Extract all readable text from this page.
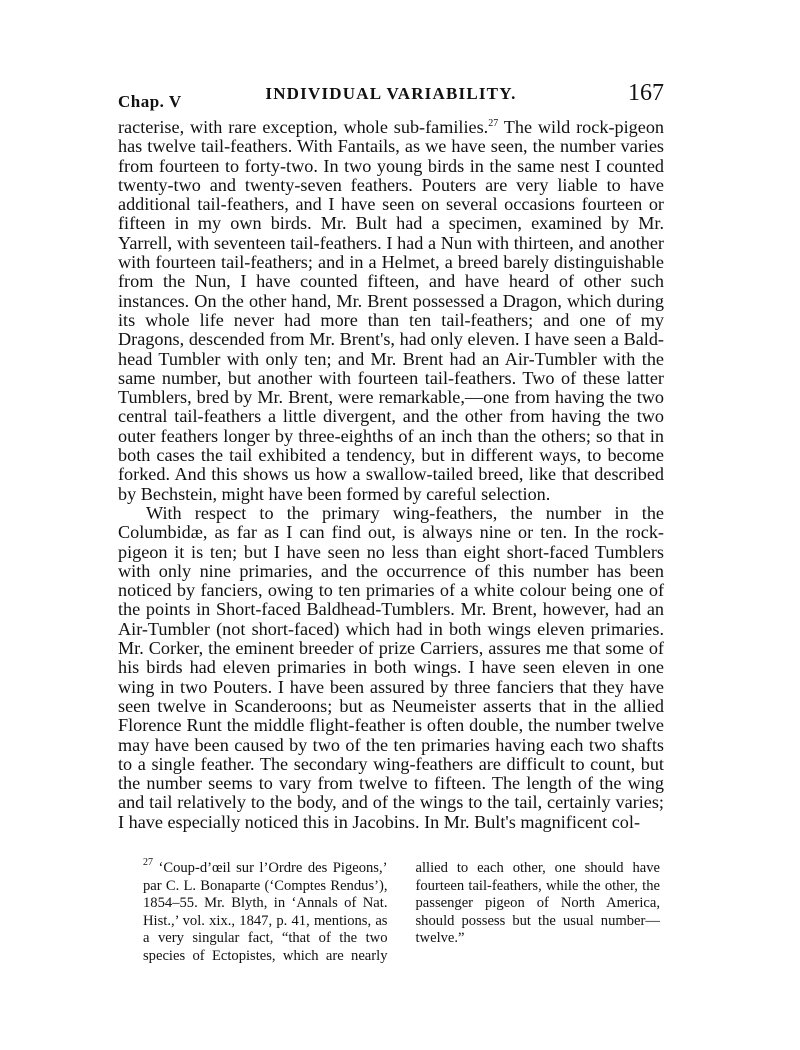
Chap. V	INDIVIDUAL VARIABILITY.	167

racterise, with rare exception, whole sub-families.$^{27}$ The wild rock-pigeon has twelve tail-feathers. With Fantails, as we have seen, the number varies from fourteen to forty-two. In two young birds in the same nest I counted twenty-two and twenty-seven feathers. Pouters are very liable to have additional tail-feathers, and I have seen on several occasions fourteen or fifteen in my own birds. Mr. Bult had a specimen, examined by Mr. Yarrell, with seventeen tail-feathers. I had a Nun with thirteen, and another with fourteen tail-feathers; and in a Helmet, a breed barely distinguishable from the Nun, I have counted fifteen, and have heard of other such instances. On the other hand, Mr. Brent possessed a Dragon, which during its whole life never had more than ten tail-feathers; and one of my Dragons, descended from Mr. Brent's, had only eleven. I have seen a Bald-head Tumbler with only ten; and Mr. Brent had an Air-Tumbler with the same number, but another with fourteen tail-feathers. Two of these latter Tumblers, bred by Mr. Brent, were remarkable,—one from having the two central tail-feathers a little divergent, and the other from having the two outer feathers longer by three-eighths of an inch than the others; so that in both cases the tail exhibited a tendency, but in different ways, to become forked. And this shows us how a swallow-tailed breed, like that described by Bechstein, might have been formed by careful selection.

With respect to the primary wing-feathers, the number in the Columbidæ, as far as I can find out, is always nine or ten. In the rock-pigeon it is ten; but I have seen no less than eight short-faced Tumblers with only nine primaries, and the occurrence of this number has been noticed by fanciers, owing to ten primaries of a white colour being one of the points in Short-faced Baldhead-Tumblers. Mr. Brent, however, had an Air-Tumbler (not short-faced) which had in both wings eleven primaries. Mr. Corker, the eminent breeder of prize Carriers, assures me that some of his birds had eleven primaries in both wings. I have seen eleven in one wing in two Pouters. I have been assured by three fanciers that they have seen twelve in Scanderoons; but as Neumeister asserts that in the allied Florence Runt the middle flight-feather is often double, the number twelve may have been caused by two of the ten primaries having each two shafts to a single feather. The secondary wing-feathers are difficult to count, but the number seems to vary from twelve to fifteen. The length of the wing and tail relatively to the body, and of the wings to the tail, certainly varies; I have especially noticed this in Jacobins. In Mr. Bult's magnificent col-

$^{27}$ ‘Coup-d’œil sur l’Ordre des Pigeons,’ par C. L. Bonaparte (‘Comptes Rendus’), 1854–55. Mr. Blyth, in ‘Annals of Nat. Hist.,’ vol. xix., 1847, p. 41, mentions, as a very singular fact, “that of the two species of Ectopistes, which are nearly allied to each other, one should have fourteen tail-feathers, while the other, the passenger pigeon of North America, should possess but the usual number—twelve.”
